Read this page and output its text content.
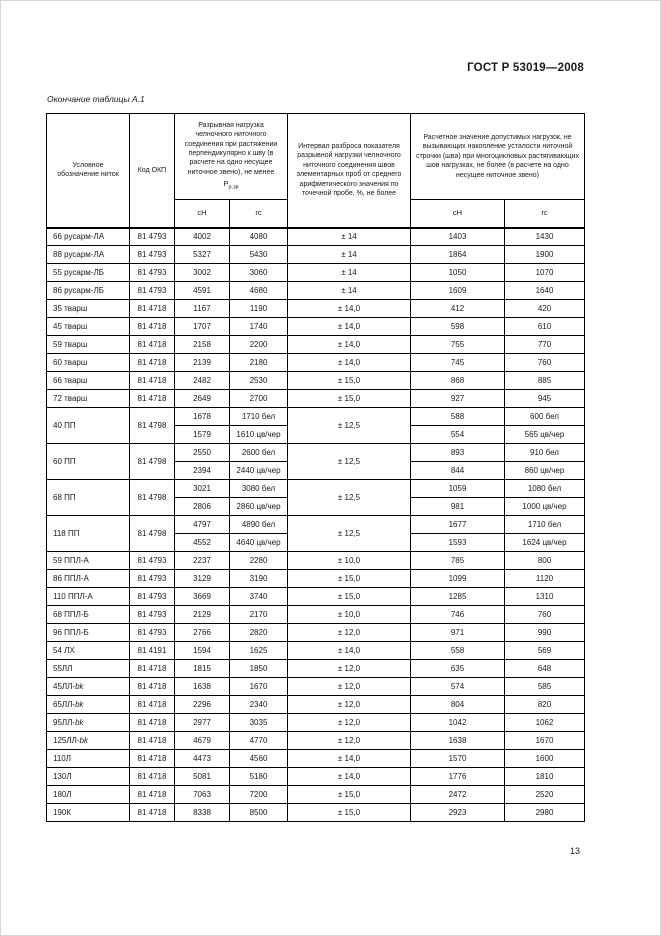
ГОСТ Р 53019—2008
Окончание таблицы А.1
Условное обозначение ниток	Код ОКП	Разрывная нагрузка челночного ниточного соединения при растяжении перпендикулярно к шву (в расчете на одно несущее ниточное звено), не менее
$Р_{р.зв}$		Интервал разброса показателя разрывной нагрузки челночного ниточного соединения швов элементарных проб от среднего арифметического значения по точечной пробе, %, не более	Расчетное значение допустимых нагрузок, не вызывающих накопление усталости ниточной строчки (шва) при многоцикловых растягивающих шов нагрузках, не более (в расчете на одно несущее ниточное звено)	
		сН	гс		сН	гс
66 русарм-ЛА	81 4793	4002	4080	± 14	1403	1430
88 русарм-ЛА	81 4793	5327	5430	± 14	1864	1900
55 русарм-ЛБ	81 4793	3002	3060	± 14	1050	1070
86 русарм-ЛБ	81 4793	4591	4680	± 14	1609	1640
35 тварш	81 4718	1167	1190	± 14,0	412	420
45 тварш	81 4718	1707	1740	± 14,0	598	610
59 тварш	81 4718	2158	2200	± 14,0	755	770
60 тварш	81 4718	2139	2180	± 14,0	745	760
66 тварш	81 4718	2482	2530	± 15,0	868	885
72 тварш	81 4718	2649	2700	± 15,0	927	945
40 ПП	81 4798	1678	1710 бел	± 12,5	588	600 бел
		1579	1610 цв/чер		554	565 цв/чер
60 ПП	81 4798	2550	2600 бел	± 12,5	893	910 бел
		2394	2440 цв/чер		844	860 цв/чер
68 ПП	81 4798	3021	3080 бел	± 12,5	1059	1080 бел
		2806	2860 цв/чер		981	1000 цв/чер
118 ПП	81 4798	4797	4890 бел	± 12,5	1677	1710 бел
		4552	4640 цв/чер		1593	1624 цв/чер
59 ППЛ-А	81 4793	2237	2280	± 10,0	785	800
86 ППЛ-А	81 4793	3129	3190	± 15,0	1099	1120
110 ППЛ-А	81 4793	3669	3740	± 15,0	1285	1310
68 ППЛ-Б	81 4793	2129	2170	± 10,0	746	760
96 ППЛ-Б	81 4793	2766	2820	± 12,0	971	990
54 ЛХ	81 4191	1594	1625	± 14,0	558	569
55ЛЛ	81 4718	1815	1850	± 12,0	635	648
45ЛЛ-bk	81 4718	1638	1670	± 12,0	574	585
65ЛЛ-bk	81 4718	2296	2340	± 12,0	804	820
95ЛЛ-bk	81 4718	2977	3035	± 12,0	1042	1062
125ЛЛ-bk	81 4718	4679	4770	± 12,0	1638	1670
110Л	81 4718	4473	4560	± 14,0	1570	1600
130Л	81 4718	5081	5180	± 14,0	1776	1810
180Л	81 4718	7063	7200	± 15,0	2472	2520
190К	81 4718	8338	8500	± 15,0	2923	2980
13
